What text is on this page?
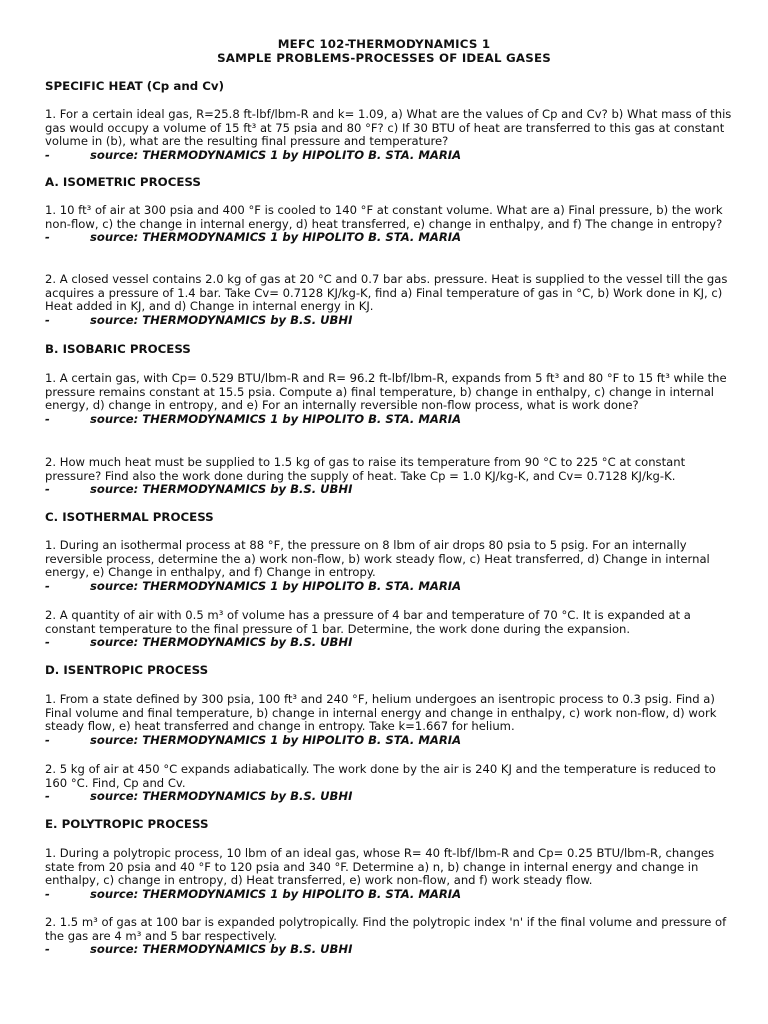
MEFC 102-THERMODYNAMICS 1
SAMPLE PROBLEMS-PROCESSES OF IDEAL GASES
SPECIFIC HEAT (Cp and Cv)

1. For a certain ideal gas, R=25.8 ft-lbf/lbm-R and k= 1.09, a) What are the values of Cp and Cv? b) What mass of this gas would occupy a volume of 15 ft³ at 75 psia and 80 °F? c) If 30 BTU of heat are transferred to this gas at constant volume in (b), what are the resulting final pressure and temperature?

-	source: THERMODYNAMICS 1 by HIPOLITO B. STA. MARIA
A. ISOMETRIC PROCESS

1. 10 ft³ of air at 300 psia and 400 °F is cooled to 140 °F at constant volume. What are a) Final pressure, b) the work non-flow, c) the change in internal energy, d) heat transferred, e) change in enthalpy, and f) The change in entropy?

-	source: THERMODYNAMICS 1 by HIPOLITO B. STA. MARIA

2. A closed vessel contains 2.0 kg of gas at 20 °C and 0.7 bar abs. pressure. Heat is supplied to the vessel till the gas acquires a pressure of 1.4 bar. Take Cv= 0.7128 KJ/kg-K, find a) Final temperature of gas in °C, b) Work done in KJ, c) Heat added in KJ, and d) Change in internal energy in KJ.

-	source: THERMODYNAMICS by B.S. UBHI
B. ISOBARIC PROCESS

1. A certain gas, with Cp= 0.529 BTU/lbm-R and R= 96.2 ft-lbf/lbm-R, expands from 5 ft³ and 80 °F to 15 ft³ while the pressure remains constant at 15.5 psia. Compute a) final temperature, b) change in enthalpy, c) change in internal energy, d) change in entropy, and e) For an internally reversible non-flow process, what is work done?

-	source: THERMODYNAMICS 1 by HIPOLITO B. STA. MARIA

2. How much heat must be supplied to 1.5 kg of gas to raise its temperature from 90 °C to 225 °C at constant pressure? Find also the work done during the supply of heat. Take Cp = 1.0 KJ/kg-K, and Cv= 0.7128 KJ/kg-K.

-	source: THERMODYNAMICS by B.S. UBHI
C. ISOTHERMAL PROCESS

1. During an isothermal process at 88 °F, the pressure on 8 lbm of air drops 80 psia to 5 psig. For an internally reversible process, determine the a) work non-flow, b) work steady flow, c) Heat transferred, d) Change in internal energy, e) Change in enthalpy, and f) Change in entropy.

-	source: THERMODYNAMICS 1 by HIPOLITO B. STA. MARIA

2. A quantity of air with 0.5 m³ of volume has a pressure of 4 bar and temperature of 70 °C. It is expanded at a constant temperature to the final pressure of 1 bar. Determine, the work done during the expansion.

-	source: THERMODYNAMICS by B.S. UBHI
D. ISENTROPIC PROCESS

1. From a state defined by 300 psia, 100 ft³ and 240 °F, helium undergoes an isentropic process to 0.3 psig. Find a) Final volume and final temperature, b) change in internal energy and change in enthalpy, c) work non-flow, d) work steady flow, e) heat transferred and change in entropy. Take k=1.667 for helium.

-	source: THERMODYNAMICS 1 by HIPOLITO B. STA. MARIA

2. 5 kg of air at 450 °C expands adiabatically. The work done by the air is 240 KJ and the temperature is reduced to 160 °C. Find, Cp and Cv.

-	source: THERMODYNAMICS by B.S. UBHI
E. POLYTROPIC PROCESS

1. During a polytropic process, 10 lbm of an ideal gas, whose R= 40 ft-lbf/lbm-R and Cp= 0.25 BTU/lbm-R, changes state from 20 psia and 40 °F to 120 psia and 340 °F. Determine a) n, b) change in internal energy and change in enthalpy, c) change in entropy, d) Heat transferred, e) work non-flow, and f) work steady flow.

-	source: THERMODYNAMICS 1 by HIPOLITO B. STA. MARIA

2. 1.5 m³ of gas at 100 bar is expanded polytropically. Find the polytropic index 'n' if the final volume and pressure of the gas are 4 m³ and 5 bar respectively.

-	source: THERMODYNAMICS by B.S. UBHI
